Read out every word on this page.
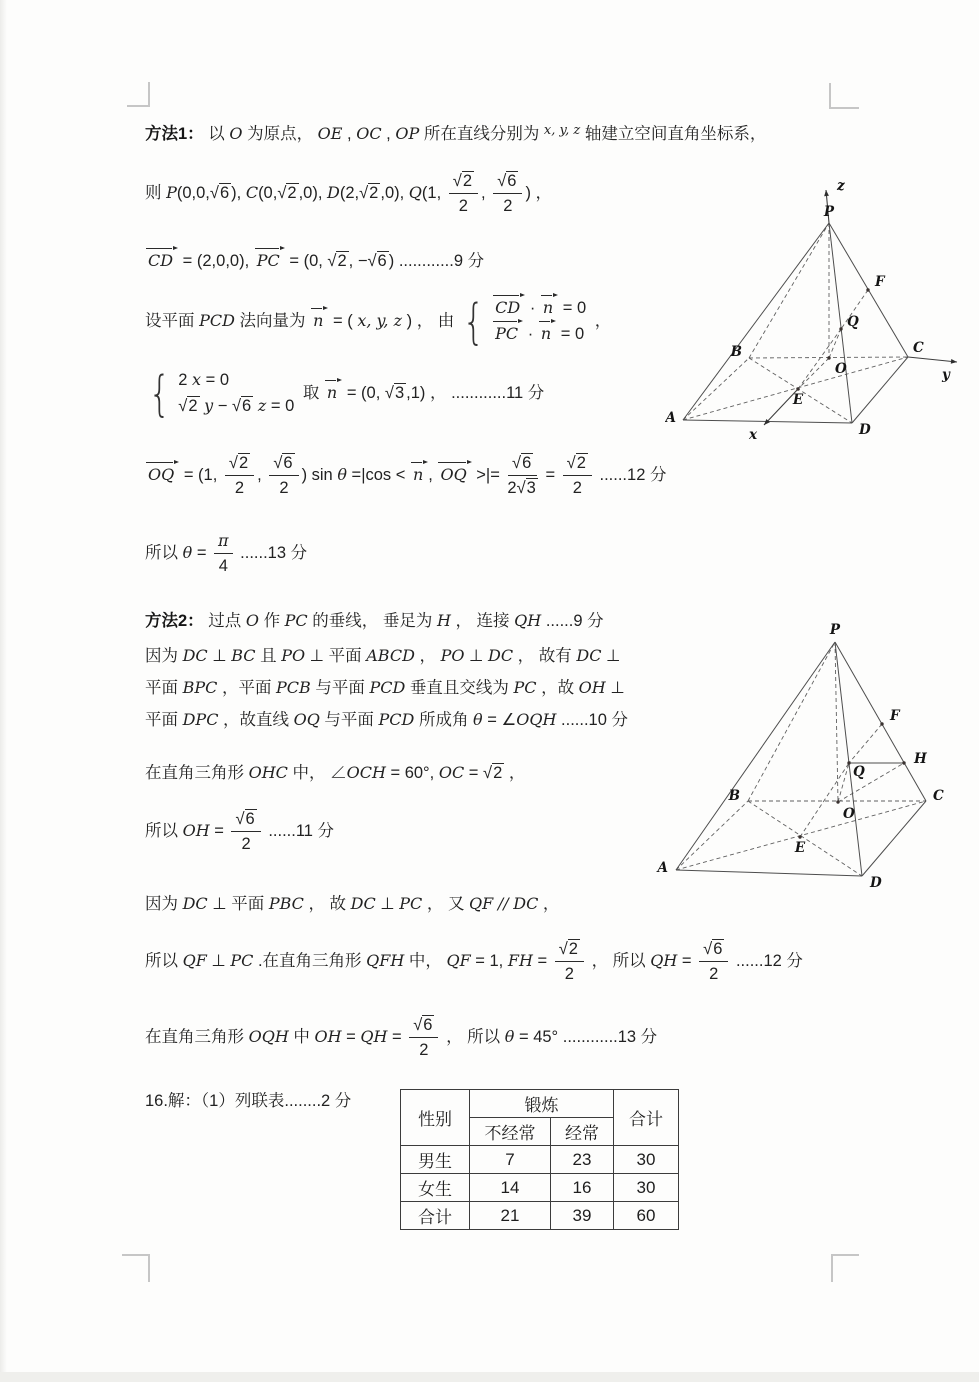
方法1： 以 O 为原点， OE , OC , OP 所在直线分别为 $^{x, y, z}$ 轴建立空间直角坐标系，
则 P(0,0,√6 ), C(0,√2 ,0), D(2,√2 ,0), Q(1, $\frac{√2}{2}$ , $\frac{√6}{2}$ ) ，
CD = (2,0,0), PC = (0, √2 , −√6 ) ............9 分
设平面 PCD 法向量为 n = ( x, y, z ) ， 由 { CD · n = 0
PC · n = 0
，
{ 2 x = 0
√2 y − √6 z = 0
取 n = (0, √3 ,1) ， ............11 分
OQ = (1, $\frac{√2}{2}$ , $\frac{√6}{2}$ ) sin θ =|cos < n , OQ >|= $\frac{√6}{2√3} = \frac{√2}{2} ......12$ 分
所以 $\theta = \frac{\pi}{4} ......13$ 分
方法2： 过点 O 作 PC 的垂线， 垂足为 H ， 连接 QH ......9 分
因为 DC ⊥ BC 且 PO ⊥ 平面 ABCD ， PO ⊥ DC ， 故有 DC ⊥
平面 BPC ，平面 PCB 与平面 PCD 垂直且交线为 PC ，故 OH ⊥
平面 DPC ，故直线 OQ 与平面 PCD 所成角 θ = ∠OQH ......10 分
在直角三角形 OHC 中， ∠OCH = 60°, OC = √2 ，
所以 OH = $\frac{√6}{2} ......11$ 分
因为 DC ⊥ 平面 PBC ， 故 DC ⊥ PC ， 又 QF // DC ，
所以 QF ⊥ PC .在直角三角形 QFH 中， QF = 1, FH = $\frac{√2}{2}$ ， 所以 QH = $\frac{√6}{2} ......12$ 分
在直角三角形 OQH 中 OH = QH = $\frac{√6}{2}$ ， 所以 θ = 45° ............13 分
16.解：（1）列联表........2 分
z
y
x
P
F
Q
B	C
O
E
A
D
P
F
Q
H
B	C
O
E
A
D
性别	锻炼		合计
	不经常	经常	
男生	7	23	30
女生	14	16	30
合计	21	39	60
